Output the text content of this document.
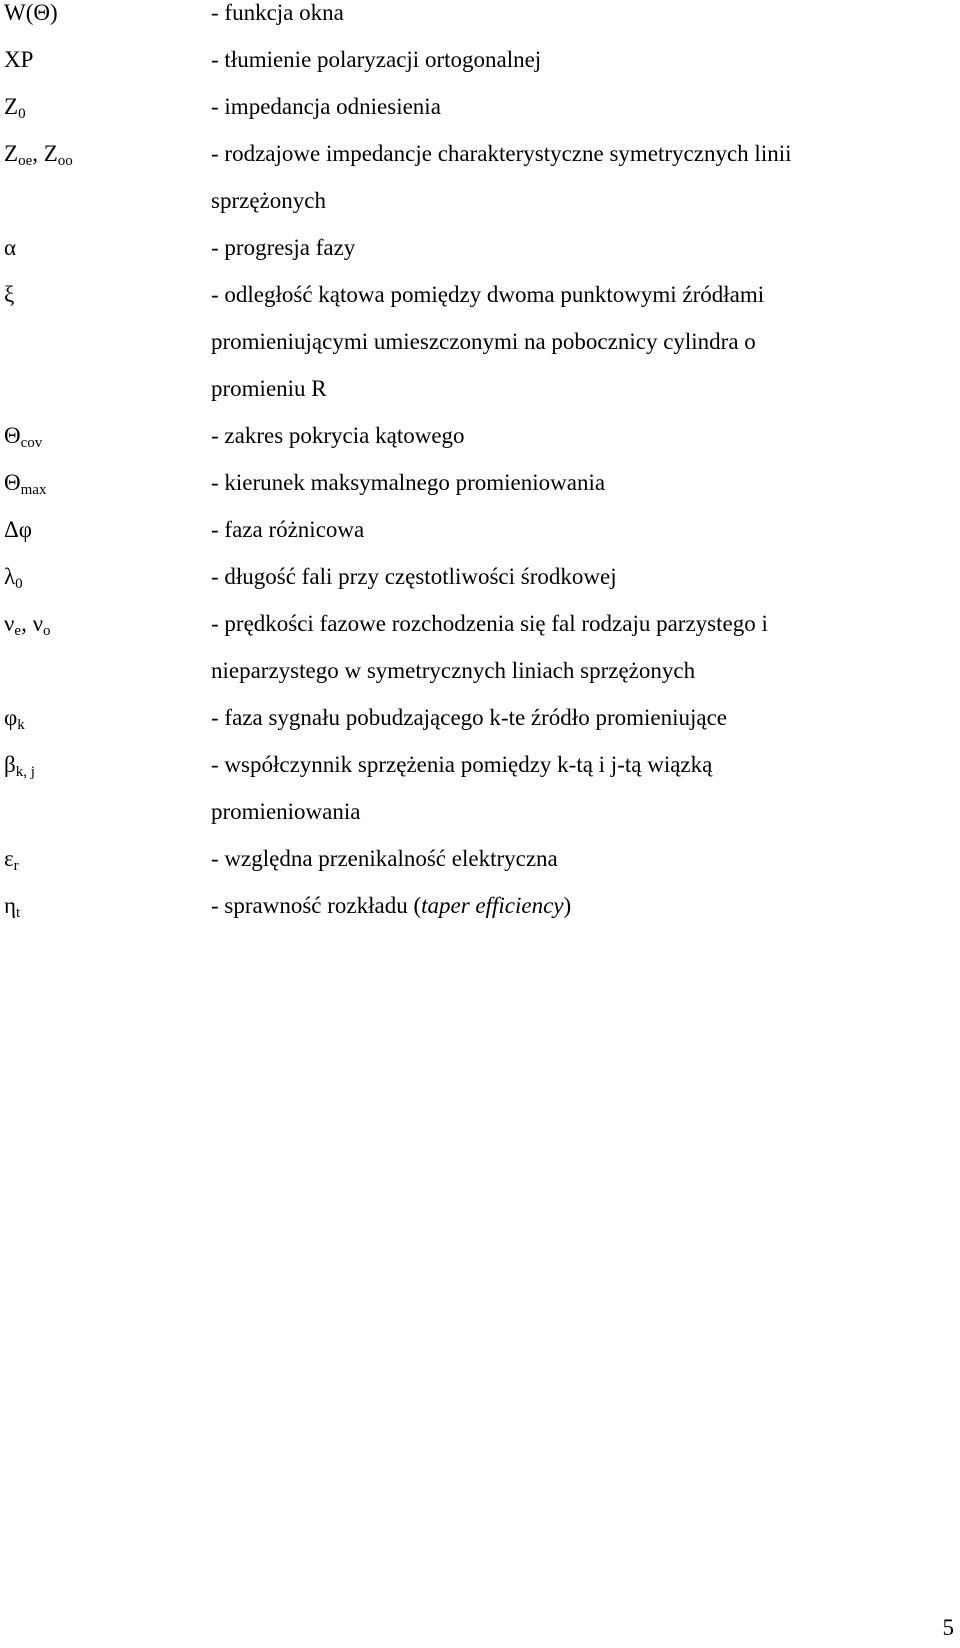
W(Θ)	- funkcja okna
XP	- tłumienie polaryzacji ortogonalnej
$Z_0$	- impedancja odniesienia
$Z_{oe}$, $Z_{oo}$	- rodzajowe impedancje charakterystyczne symetrycznych linii
sprzężonych
α	- progresja fazy
ξ	- odległość kątowa pomiędzy dwoma punktowymi źródłami
promieniującymi umieszczonymi na pobocznicy cylindra o
promieniu R
$\Theta_{cov}$	- zakres pokrycia kątowego
$\Theta_{max}$	- kierunek maksymalnego promieniowania
Δφ	- faza różnicowa
$\lambda_0$	- długość fali przy częstotliwości środkowej
$\nu_e$, $\nu_o$	- prędkości fazowe rozchodzenia się fal rodzaju parzystego i
nieparzystego w symetrycznych liniach sprzężonych
$\varphi_k$	- faza sygnału pobudzającego k-te źródło promieniujące
$\beta_{k, j}$	- współczynnik sprzężenia pomiędzy k-tą i j-tą wiązką
promieniowania
$\varepsilon_r$	- względna przenikalność elektryczna
$\eta_t$	- sprawność rozkładu (taper efficiency)
5
